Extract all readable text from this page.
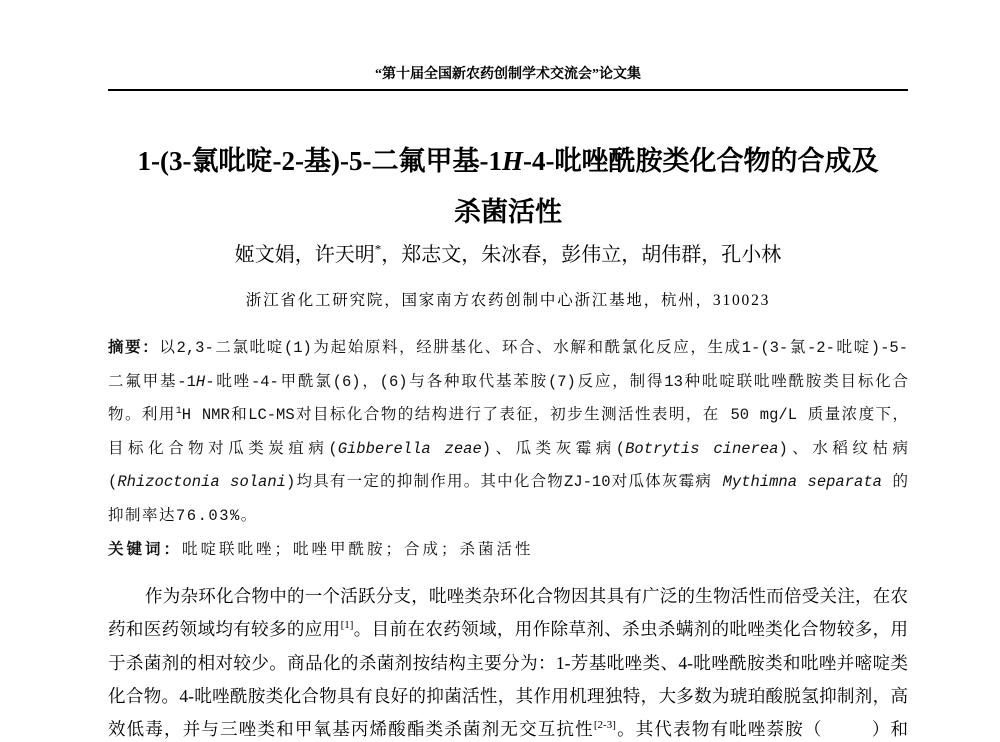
“第十届全国新农药创制学术交流会”论文集
1-(3-氯吡啶-2-基)-5-二氟甲基-1H-4-吡唑酰胺类化合物的合成及
杀菌活性
姬文娟，许天明*，郑志文，朱冰春，彭伟立，胡伟群，孔小林
浙江省化工研究院，国家南方农药创制中心浙江基地，杭州，310023
摘要：以2,3-二氯吡啶(1)为起始原料，经肼基化、环合、水解和酰氯化反应，生成1-(3-氯-2-吡啶)-5-
二氟甲基-1H-吡唑-4-甲酰氯(6)，(6)与各种取代基苯胺(7)反应，制得13种吡啶联吡唑酰胺类目标化合
物。利用$^1$H NMR和LC-MS对目标化合物的结构进行了表征，初步生测活性表明，在 50 mg/L 质量浓度下，
目标化合物对瓜类炭疽病(Gibberella zeae)、瓜类灰霉病(Botrytis cinerea)、水稻纹枯病
(Rhizoctonia solani)均具有一定的抑制作用。其中化合物ZJ-10对瓜体灰霉病 Mythimna separata 的
抑制率达76.03%。
关键词：吡啶联吡唑；吡唑甲酰胺；合成；杀菌活性
作为杂环化合物中的一个活跃分支，吡唑类杂环化合物因其具有广泛的生物活性而倍受关注，在农
药和医药领域均有较多的应用[1]。目前在农药领域，用作除草剂、杀虫杀螨剂的吡唑类化合物较多，用
于杀菌剂的相对较少。商品化的杀菌剂按结构主要分为：1-芳基吡唑类、4-吡唑酰胺类和吡唑并嘧啶类
化合物。4-吡唑酰胺类化合物具有良好的抑菌活性，其作用机理独特，大多数为琥珀酸脱氢抑制剂，高
效低毒，并与三唑类和甲氧基丙烯酸酯类杀菌剂无交互抗性[2-3]。其代表物有吡唑萘胺（	）和
